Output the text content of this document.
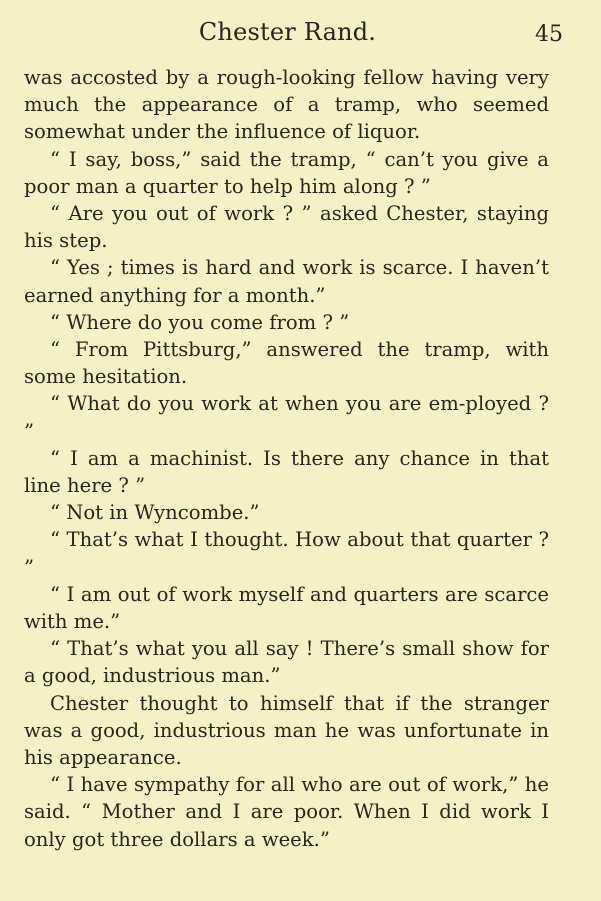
Chester Rand.	45

was accosted by a rough-looking fellow having very much the appearance of a tramp, who seemed somewhat under the influence of liquor.

“ I say, boss,” said the tramp, “ can’t you give a poor man a quarter to help him along ? ”

“ Are you out of work ? ” asked Chester, staying his step.

“ Yes ; times is hard and work is scarce. I haven’t earned anything for a month.”

“ Where do you come from ? ”

“ From Pittsburg,” answered the tramp, with some hesitation.

“ What do you work at when you are em-ployed ? ”

“ I am a machinist. Is there any chance in that line here ? ”

“ Not in Wyncombe.”

“ That’s what I thought. How about that quarter ? ”

“ I am out of work myself and quarters are scarce with me.”

“ That’s what you all say ! There’s small show for a good, industrious man.”

Chester thought to himself that if the stranger was a good, industrious man he was unfortunate in his appearance.

“ I have sympathy for all who are out of work,” he said. “ Mother and I are poor. When I did work I only got three dollars a week.”
